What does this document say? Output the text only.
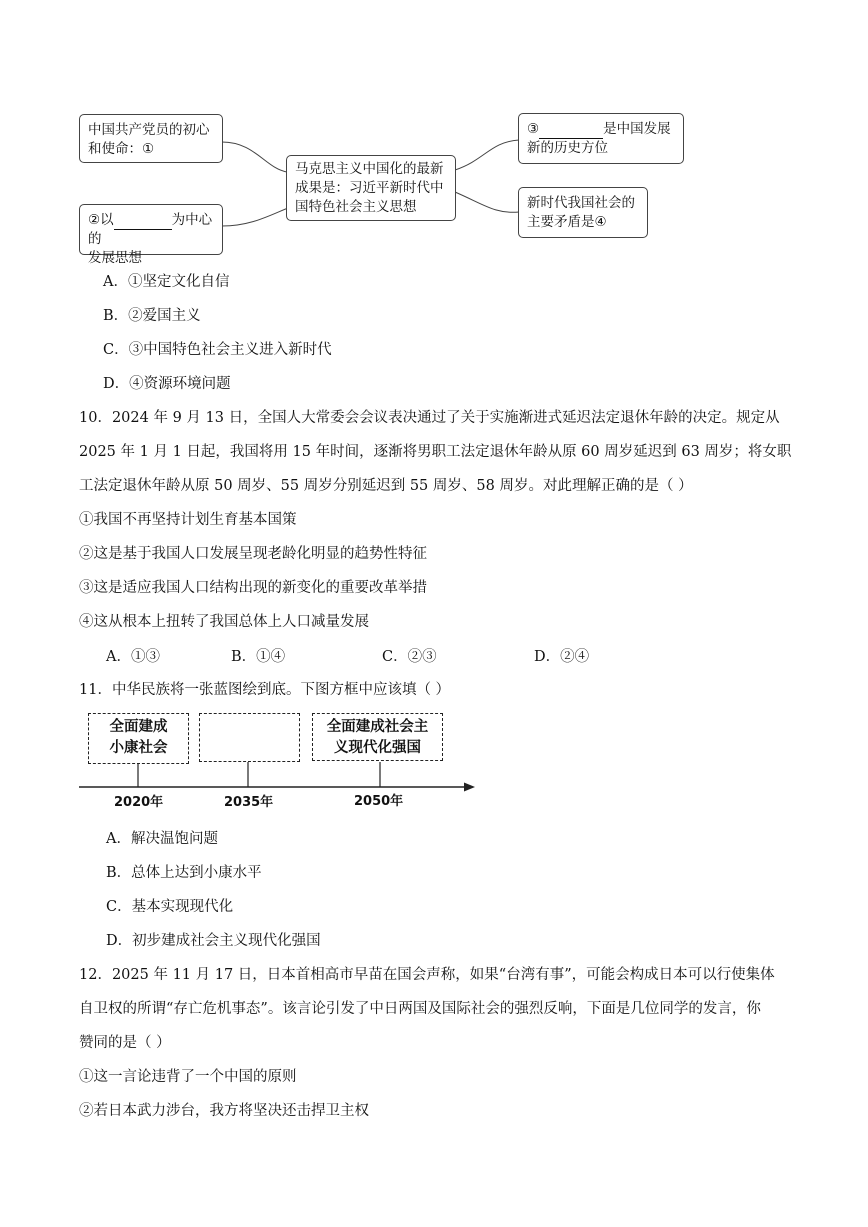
中国共产党员的初心
和使命：①
②以	为中心的
发展思想
马克思主义中国化的最新
成果是：习近平新时代中
国特色社会主义思想
③	是中国发展
新的历史方位
新时代我国社会的
主要矛盾是④
A．①坚定文化自信
B．②爱国主义
C．③中国特色社会主义进入新时代
D．④资源环境问题
10．2024 年 9 月 13 日，全国人大常委会会议表决通过了关于实施渐进式延迟法定退休年龄的决定。规定从
2025 年 1 月 1 日起，我国将用 15 年时间，逐渐将男职工法定退休年龄从原 60 周岁延迟到 63 周岁；将女职
工法定退休年龄从原 50 周岁、55 周岁分别延迟到 55 周岁、58 周岁。对此理解正确的是（ ）
①我国不再坚持计划生育基本国策
②这是基于我国人口发展呈现老龄化明显的趋势性特征
③这是适应我国人口结构出现的新变化的重要改革举措
④这从根本上扭转了我国总体上人口减量发展
A．①③	B．①④	C．②③	D．②④
11．中华民族将一张蓝图绘到底。下图方框中应该填（ ）
全面建成
小康社会
全面建成社会主
义现代化强国
2020年	2035年	2050年
A．解决温饱问题
B．总体上达到小康水平
C．基本实现现代化
D．初步建成社会主义现代化强国
12．2025 年 11 月 17 日，日本首相高市早苗在国会声称，如果“台湾有事”，可能会构成日本可以行使集体
自卫权的所谓“存亡危机事态”。该言论引发了中日两国及国际社会的强烈反响，下面是几位同学的发言，你
赞同的是（ ）
①这一言论违背了一个中国的原则
②若日本武力涉台，我方将坚决还击捍卫主权
